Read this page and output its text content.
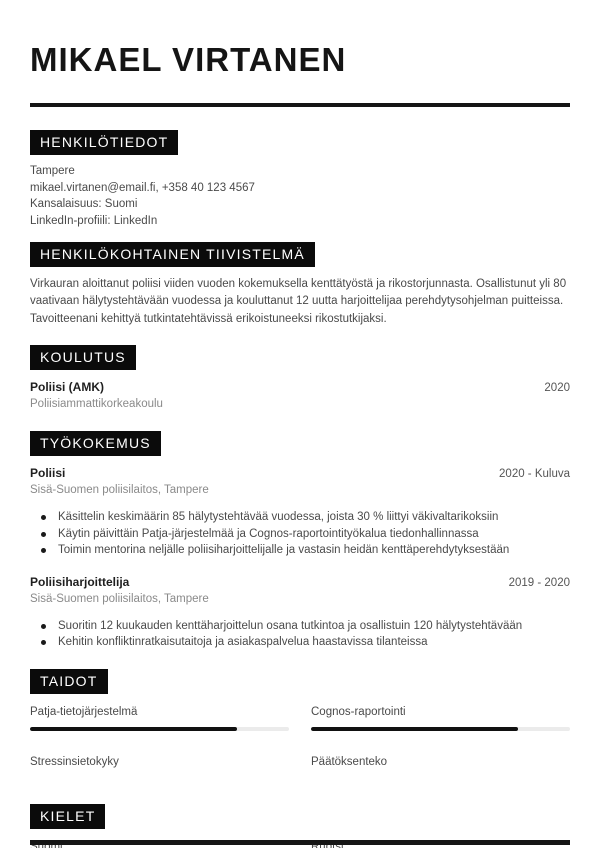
MIKAEL VIRTANEN
HENKILÖTIEDOT
Tampere
mikael.virtanen@email.fi, +358 40 123 4567
Kansalaisuus: Suomi
LinkedIn-profiili: LinkedIn
HENKILÖKOHTAINEN TIIVISTELMÄ

Virkauran aloittanut poliisi viiden vuoden kokemuksella kenttätyöstä ja rikostorjunnasta. Osallistunut yli 80 vaativaan hälytystehtävään vuodessa ja kouluttanut 12 uutta harjoittelijaa perehdytysohjelman puitteissa. Tavoitteenani kehittyä tutkintatehtävissä erikoistuneeksi rikostutkijaksi.

KOULUTUS
Poliisi (AMK)	2020
Poliisiammattikorkeakoulu
TYÖKOKEMUS
Poliisi	2020 - Kuluva
Sisä-Suomen poliisilaitos, Tampere
Käsittelin keskimäärin 85 hälytystehtävää vuodessa, joista 30 % liittyi väkivaltarikoksiin
Käytin päivittäin Patja-järjestelmää ja Cognos-raportointityökalua tiedonhallinnassa
Toimin mentorina neljälle poliisiharjoittelijalle ja vastasin heidän kenttäperehdytyksestään
Poliisiharjoittelija	2019 - 2020
Sisä-Suomen poliisilaitos, Tampere
Suoritin 12 kuukauden kenttäharjoittelun osana tutkintoa ja osallistuin 120 hälytystehtävään
Kehitin konfliktinratkaisutaitoja ja asiakaspalvelua haastavissa tilanteissa
TAIDOT
Patja-tietojärjestelmä	Cognos-raportointi
Stressinsietokyky	Päätöksenteko
KIELET
